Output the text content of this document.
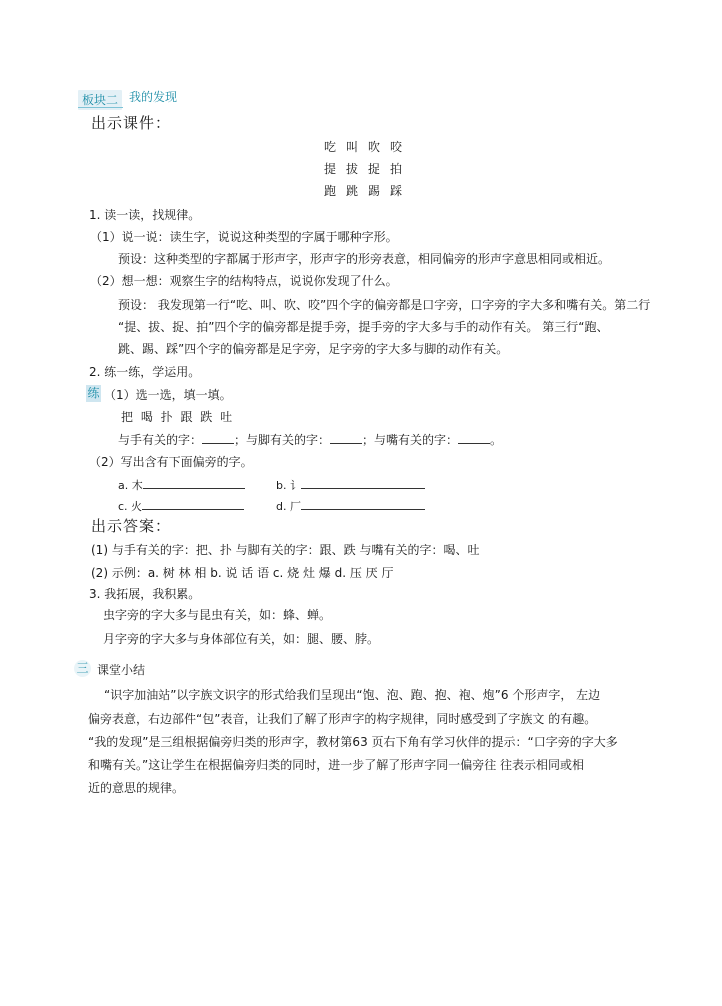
板块二 我的发现
出示课件：
吃 叫 吹 咬
提 拔 捉 拍
跑 跳 踢 踩
1. 读一读，找规律。
（1）说一说：读生字，说说这种类型的字属于哪种字形。
预设：这种类型的字都属于形声字，形声字的形旁表意，相同偏旁的形声字意思相同或相近。
（2）想一想：观察生字的结构特点，说说你发现了什么。
预设： 我发现第一行“吃、叫、吹、咬”四个字的偏旁都是口字旁，口字旁的字大多和嘴有关。第二行
“提、拔、捉、拍”四个字的偏旁都是提手旁，提手旁的字大多与手的动作有关。 第三行“跑、
跳、踢、踩”四个字的偏旁都是足字旁，足字旁的字大多与脚的动作有关。
2. 练一练，学运用。
练 （1）选一选，填一填。
把 喝 扑 跟 跌 吐
与手有关的字：	；与脚有关的字：	；与嘴有关的字：	。
（2）写出含有下面偏旁的字。
a. 木	b. 讠
c. 火	d. 厂
出示答案：
(1) 与手有关的字：把、扑 与脚有关的字：跟、跌 与嘴有关的字：喝、吐
(2) 示例：a. 树 林 相 b. 说 话 语 c. 烧 灶 爆 d. 压 厌 厅
3. 我拓展，我积累。
虫字旁的字大多与昆虫有关，如：蜂、蝉。
月字旁的字大多与身体部位有关，如：腿、腰、脖。
三 课堂小结
“识字加油站”以字族文识字的形式给我们呈现出“饱、泡、跑、抱、袍、炮”6 个形声字， 左边
偏旁表意，右边部件“包”表音，让我们了解了形声字的构字规律，同时感受到了字族文 的有趣。
“我的发现”是三组根据偏旁归类的形声字，教材第63 页右下角有学习伙伴的提示：“口字旁的字大多
和嘴有关。”这让学生在根据偏旁归类的同时，进一步了解了形声字同一偏旁往 往表示相同或相
近的意思的规律。
